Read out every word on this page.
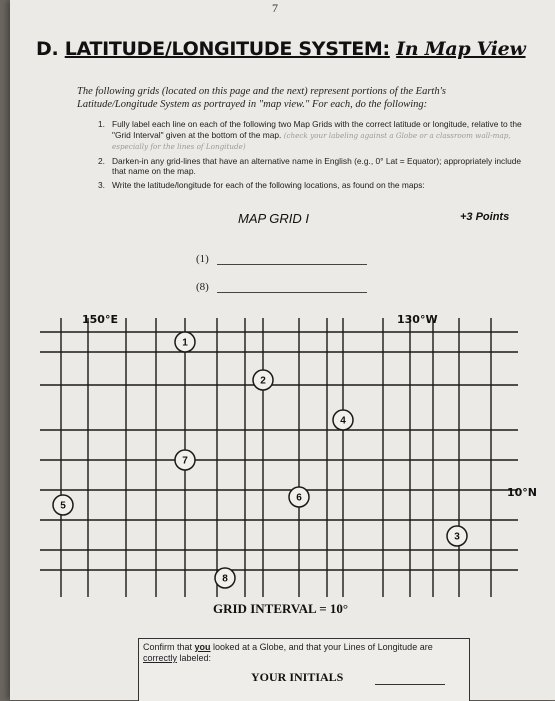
7
D. LATITUDE/LONGITUDE SYSTEM: In Map View
The following grids (located on this page and the next) represent portions of the Earth's Latitude/Longitude System as portrayed in "map view." For each, do the following:
1. Fully label each line on each of the following two Map Grids with the correct latitude or longitude, relative to the "Grid Interval" given at the bottom of the map. (check your labeling against a Globe or a classroom wall-map, especially for the lines of Longitude)
2. Darken-in any grid-lines that have an alternative name in English (e.g., 0° Lat = Equator); appropriately include that name on the map.
3. Write the latitude/longitude for each of the following locations, as found on the maps:
MAP GRID I	+3 Points
(1)
(8)
1
2
3
4
5
6
7
8
150°E	130°W
10°N
GRID INTERVAL = 10°
Confirm that you looked at a Globe, and that your Lines of Longitude are correctly labeled:
YOUR INITIALS
